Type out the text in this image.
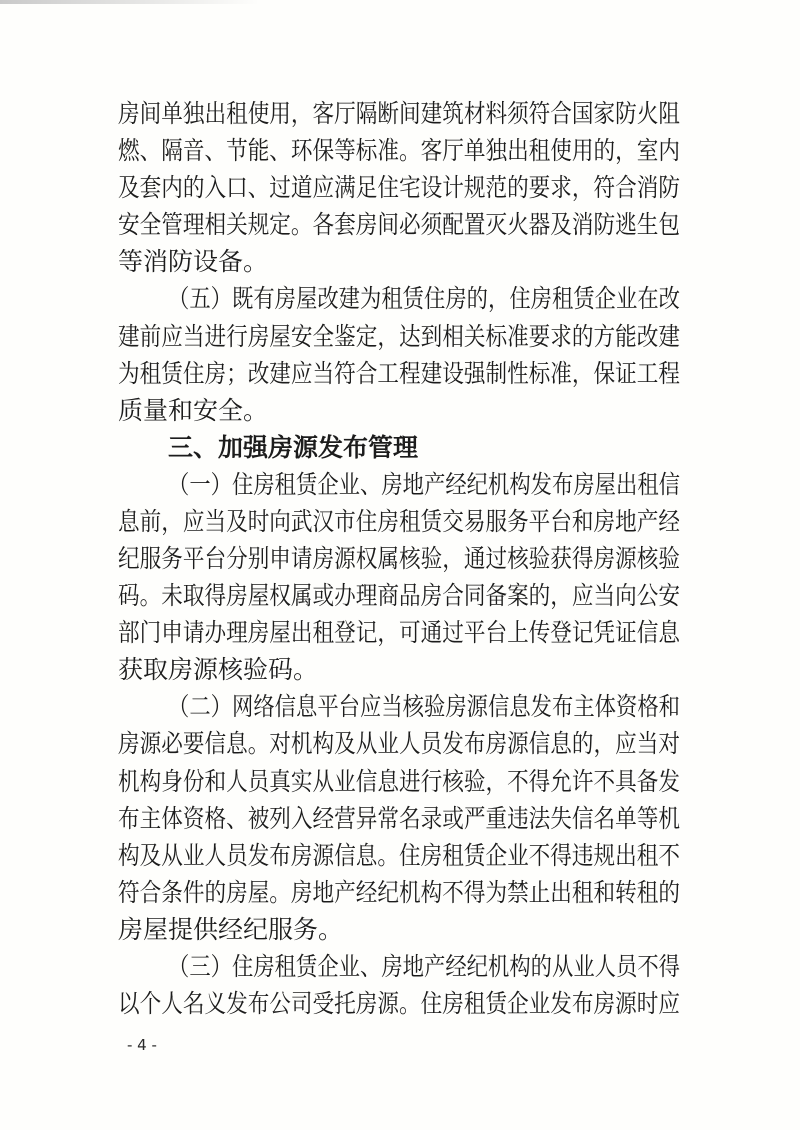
房间单独出租使用，客厅隔断间建筑材料须符合国家防火阻
燃、隔音、节能、环保等标准。客厅单独出租使用的，室内
及套内的入口、过道应满足住宅设计规范的要求，符合消防
安全管理相关规定。各套房间必须配置灭火器及消防逃生包
等消防设备。
（五）既有房屋改建为租赁住房的，住房租赁企业在改
建前应当进行房屋安全鉴定，达到相关标准要求的方能改建
为租赁住房；改建应当符合工程建设强制性标准，保证工程
质量和安全。
三、加强房源发布管理
（一）住房租赁企业、房地产经纪机构发布房屋出租信
息前，应当及时向武汉市住房租赁交易服务平台和房地产经
纪服务平台分别申请房源权属核验，通过核验获得房源核验
码。未取得房屋权属或办理商品房合同备案的，应当向公安
部门申请办理房屋出租登记，可通过平台上传登记凭证信息
获取房源核验码。
（二）网络信息平台应当核验房源信息发布主体资格和
房源必要信息。对机构及从业人员发布房源信息的，应当对
机构身份和人员真实从业信息进行核验，不得允许不具备发
布主体资格、被列入经营异常名录或严重违法失信名单等机
构及从业人员发布房源信息。住房租赁企业不得违规出租不
符合条件的房屋。房地产经纪机构不得为禁止出租和转租的
房屋提供经纪服务。
（三）住房租赁企业、房地产经纪机构的从业人员不得
以个人名义发布公司受托房源。住房租赁企业发布房源时应
- 4 -
